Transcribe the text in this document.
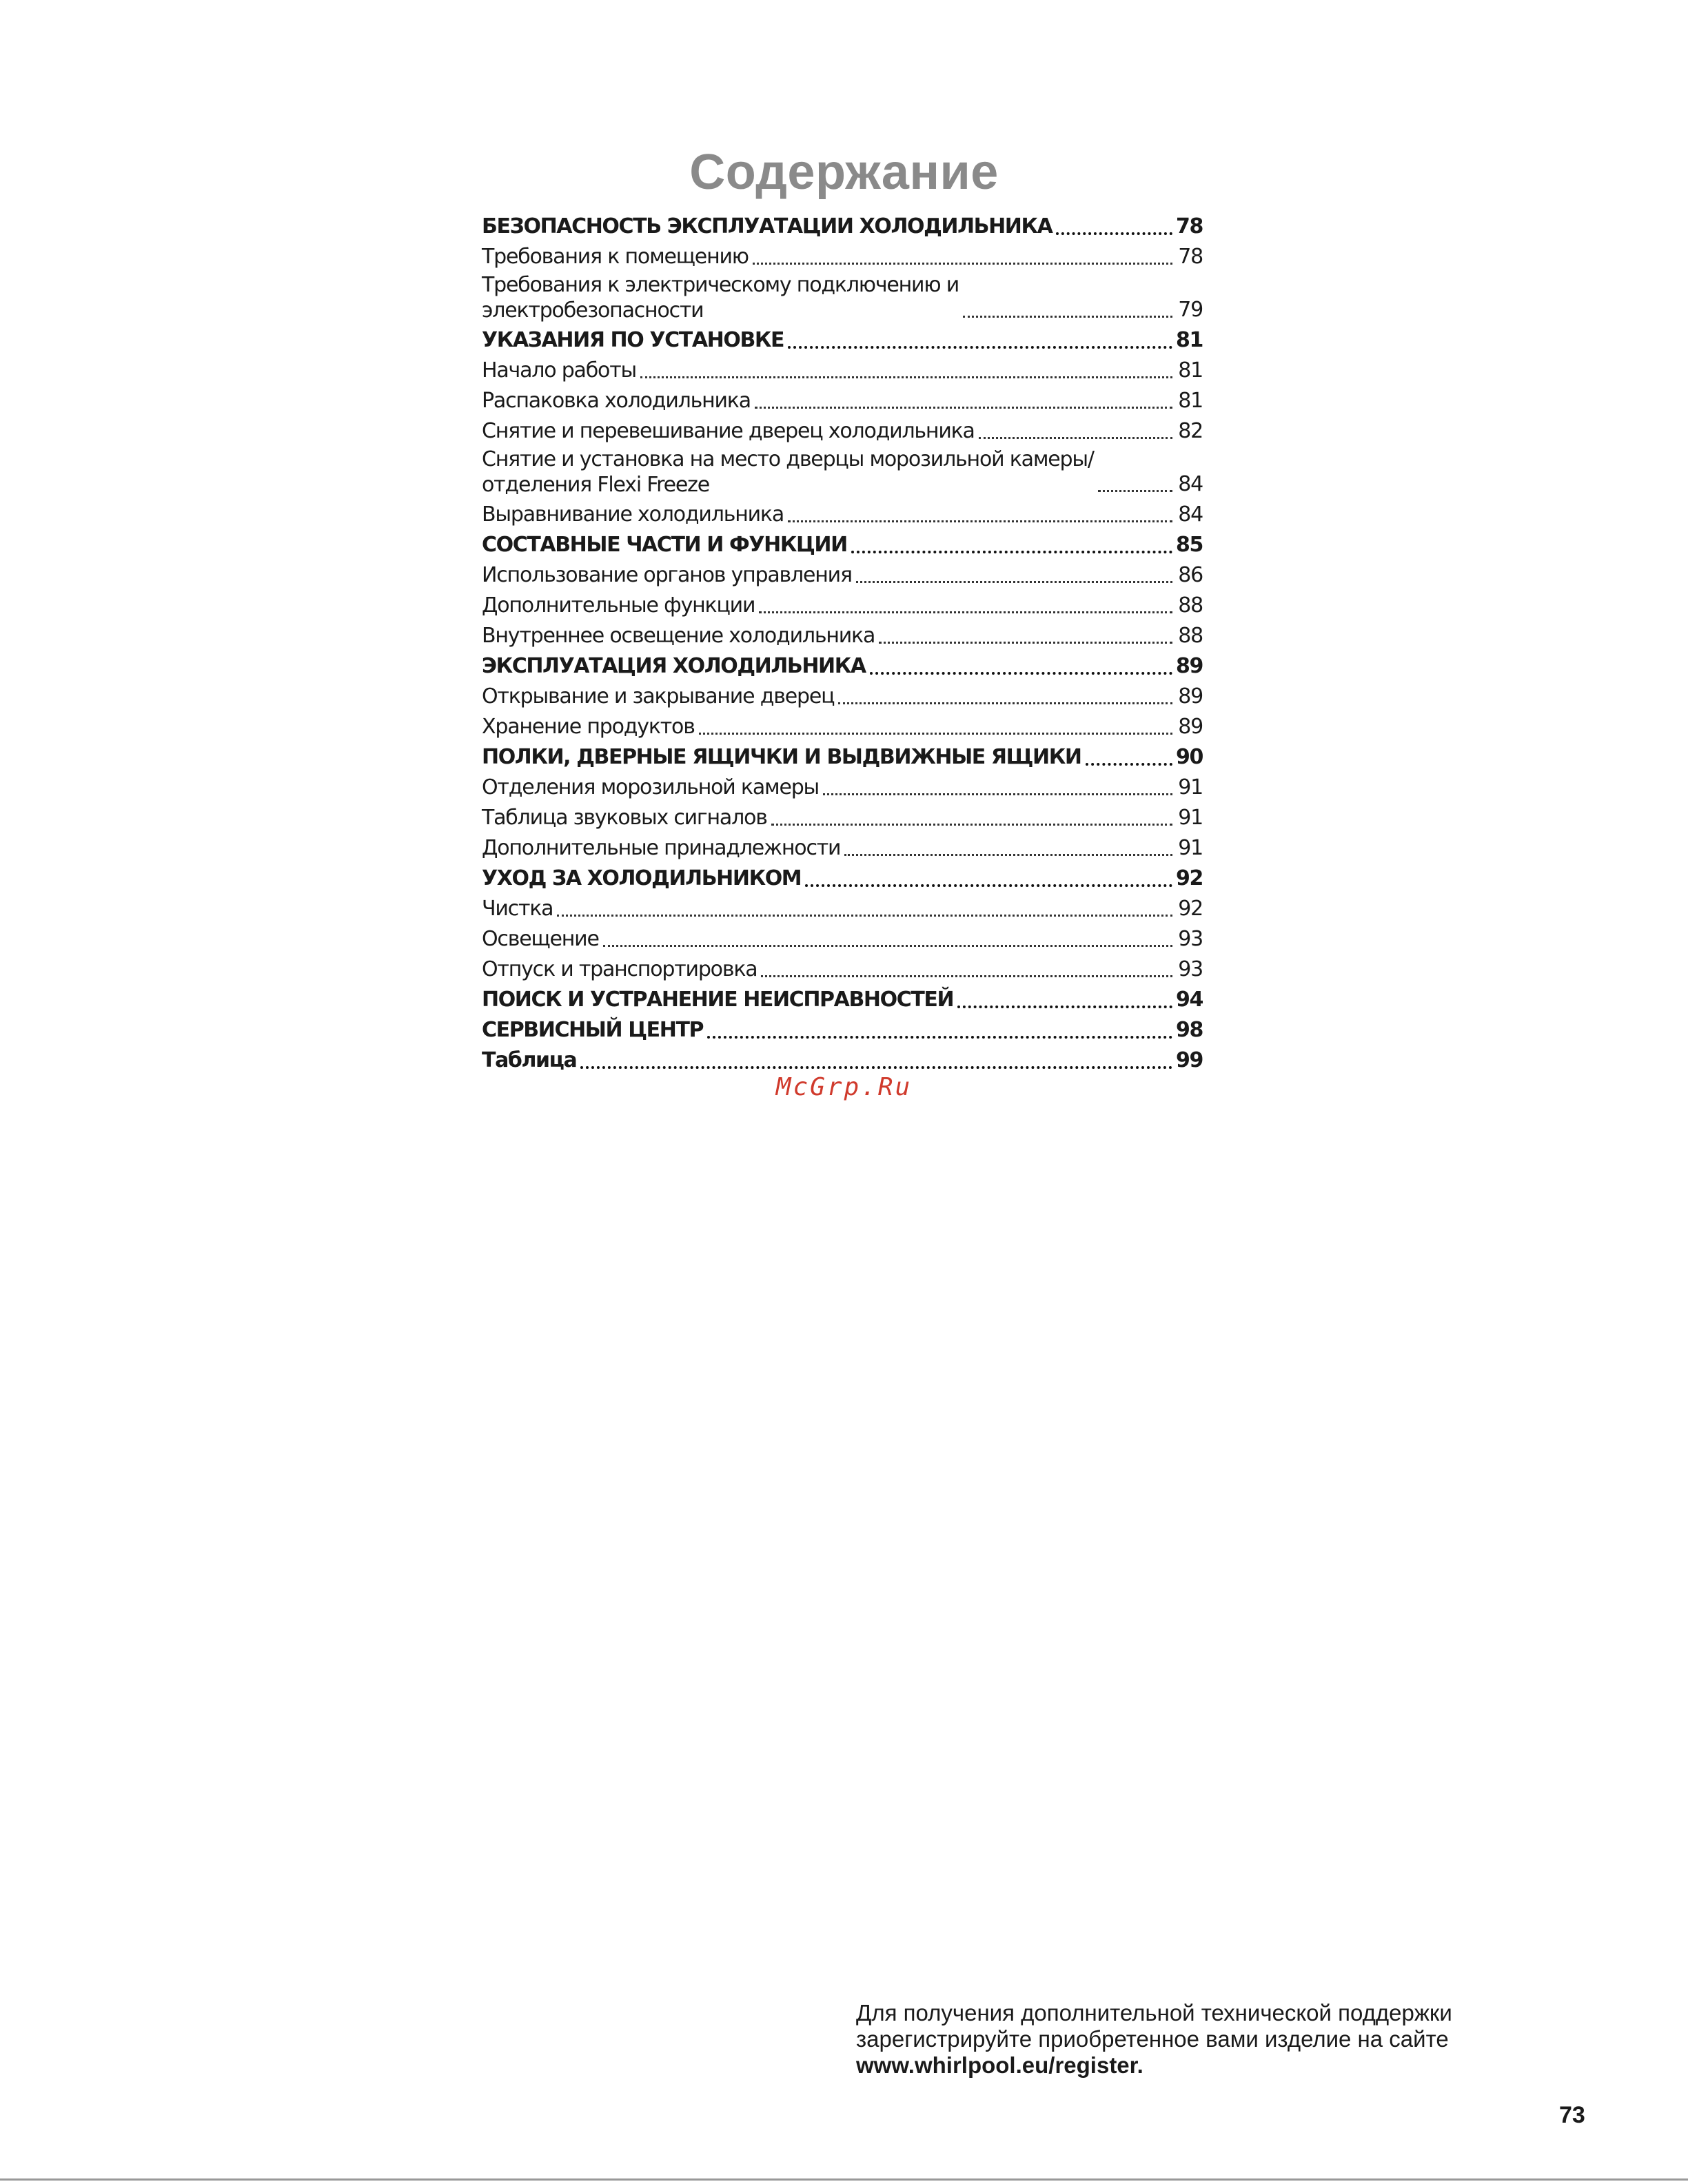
Содержание
БЕЗОПАСНОСТЬ ЭКСПЛУАТАЦИИ ХОЛОДИЛЬНИКА	78
Требования к помещению	78
Требования к электрическому подключению и
электробезопасности	79
УКАЗАНИЯ ПО УСТАНОВКЕ	81
Начало работы	81
Распаковка холодильника	81
Снятие и перевешивание дверец холодильника	82
Снятие и установка на место дверцы морозильной камеры/
отделения Flexi Freeze	84
Выравнивание холодильника	84
СОСТАВНЫЕ ЧАСТИ И ФУНКЦИИ	85
Использование органов управления	86
Дополнительные функции	88
Внутреннее освещение холодильника	88
ЭКСПЛУАТАЦИЯ ХОЛОДИЛЬНИКА	89
Открывание и закрывание дверец	89
Хранение продуктов	89
ПОЛКИ, ДВЕРНЫЕ ЯЩИЧКИ И ВЫДВИЖНЫЕ ЯЩИКИ	90
Отделения морозильной камеры	91
Таблица звуковых сигналов	91
Дополнительные принадлежности	91
УХОД ЗА ХОЛОДИЛЬНИКОМ	92
Чистка	92
Освещение	93
Отпуск и транспортировка	93
ПОИСК И УСТРАНЕНИЕ НЕИСПРАВНОСТЕЙ	94
СЕРВИСНЫЙ ЦЕНТР	98
Таблица	99
McGrp.Ru
Для получения дополнительной технической поддержки
зарегистрируйте приобретенное вами изделие на сайте
www.whirlpool.eu/register.
73
